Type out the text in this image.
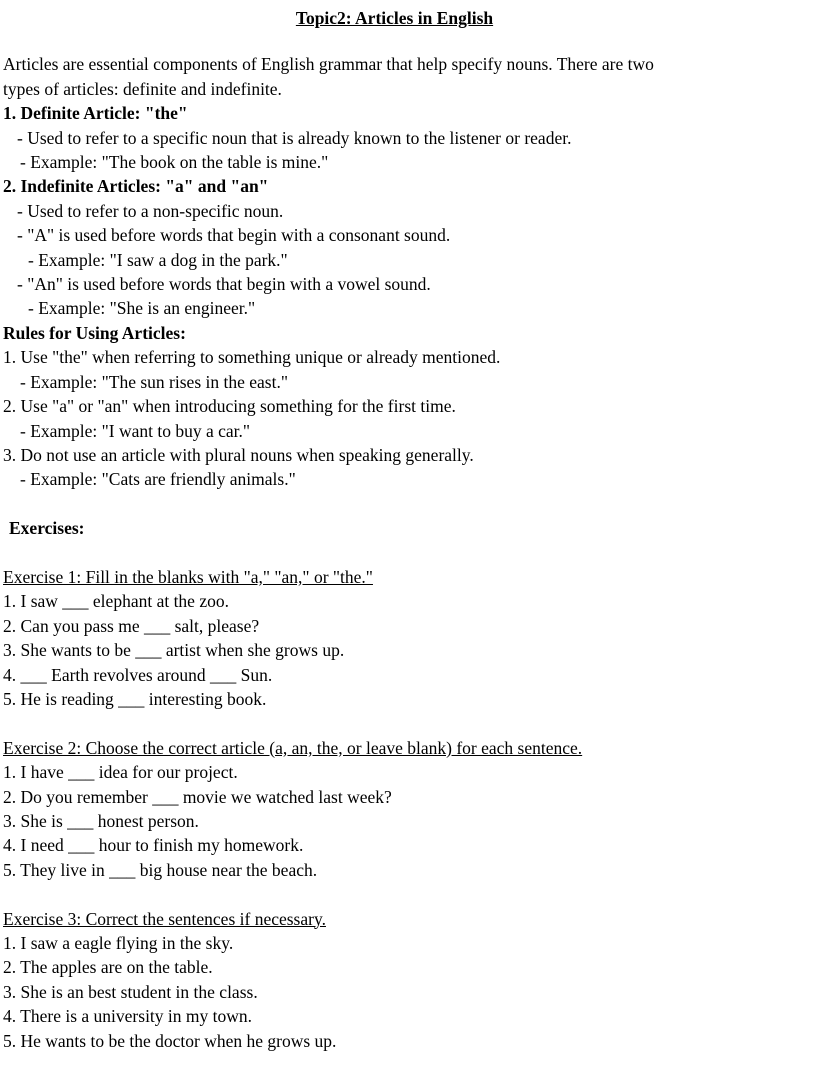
Topic2: Articles in English
Articles are essential components of English grammar that help specify nouns. There are two
types of articles: definite and indefinite.
1. Definite Article: "the"
- Used to refer to a specific noun that is already known to the listener or reader.
- Example: "The book on the table is mine."
2. Indefinite Articles: "a" and "an"
- Used to refer to a non-specific noun.
- "A" is used before words that begin with a consonant sound.
- Example: "I saw a dog in the park."
- "An" is used before words that begin with a vowel sound.
- Example: "She is an engineer."
Rules for Using Articles:
1. Use "the" when referring to something unique or already mentioned.
- Example: "The sun rises in the east."
2. Use "a" or "an" when introducing something for the first time.
- Example: "I want to buy a car."
3. Do not use an article with plural nouns when speaking generally.
- Example: "Cats are friendly animals."
Exercises:
Exercise 1: Fill in the blanks with "a," "an," or "the."
1. I saw ___ elephant at the zoo.
2. Can you pass me ___ salt, please?
3. She wants to be ___ artist when she grows up.
4. ___ Earth revolves around ___ Sun.
5. He is reading ___ interesting book.
Exercise 2: Choose the correct article (a, an, the, or leave blank) for each sentence.
1. I have ___ idea for our project.
2. Do you remember ___ movie we watched last week?
3. She is ___ honest person.
4. I need ___ hour to finish my homework.
5. They live in ___ big house near the beach.
Exercise 3: Correct the sentences if necessary.
1. I saw a eagle flying in the sky.
2. The apples are on the table.
3. She is an best student in the class.
4. There is a university in my town.
5. He wants to be the doctor when he grows up.
